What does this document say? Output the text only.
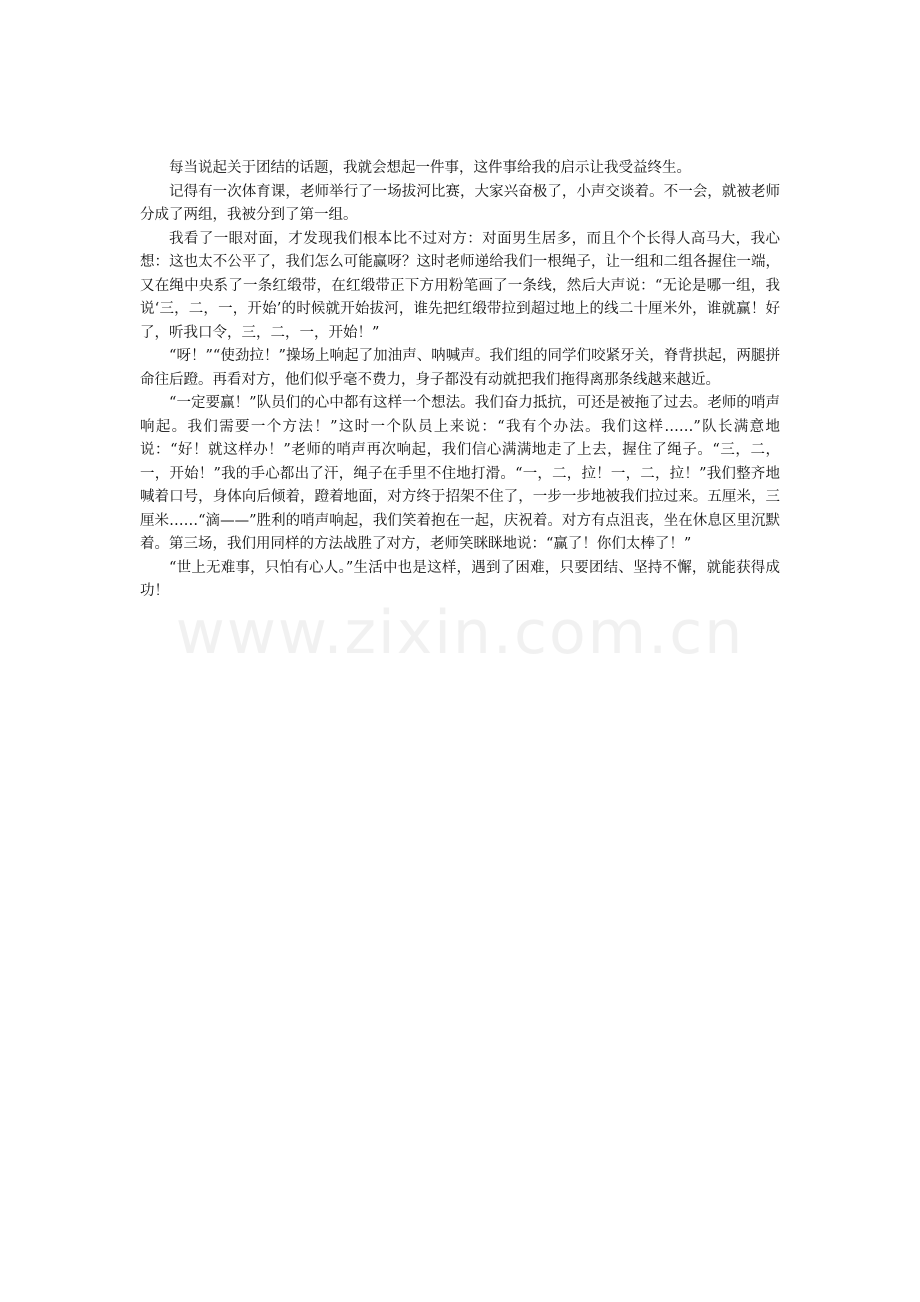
每当说起关于团结的话题，我就会想起一件事，这件事给我的启示让我受益终生。

记得有一次体育课，老师举行了一场拔河比赛，大家兴奋极了，小声交谈着。不一会，就被老师分成了两组，我被分到了第一组。

我看了一眼对面，才发现我们根本比不过对方：对面男生居多，而且个个长得人高马大，我心想：这也太不公平了，我们怎么可能赢呀？这时老师递给我们一根绳子，让一组和二组各握住一端，又在绳中央系了一条红缎带，在红缎带正下方用粉笔画了一条线，然后大声说：“无论是哪一组，我说‘三，二，一，开始’的时候就开始拔河，谁先把红缎带拉到超过地上的线二十厘米外，谁就赢！好了，听我口令，三，二，一，开始！”

“呀！”“使劲拉！”操场上响起了加油声、呐喊声。我们组的同学们咬紧牙关，脊背拱起，两腿拼命往后蹬。再看对方，他们似乎毫不费力，身子都没有动就把我们拖得离那条线越来越近。

“一定要赢！”队员们的心中都有这样一个想法。我们奋力抵抗，可还是被拖了过去。老师的哨声响起。我们需要一个方法！”这时一个队员上来说：“我有个办法。我们这样……”队长满意地说：“好！就这样办！”老师的哨声再次响起，我们信心满满地走了上去，握住了绳子。“三，二，一，开始！”我的手心都出了汗，绳子在手里不住地打滑。“一，二，拉！一，二，拉！”我们整齐地喊着口号，身体向后倾着，蹬着地面，对方终于招架不住了，一步一步地被我们拉过来。五厘米，三厘米……“滴——”胜利的哨声响起，我们笑着抱在一起，庆祝着。对方有点沮丧，坐在休息区里沉默着。第三场，我们用同样的方法战胜了对方，老师笑眯眯地说：“赢了！你们太棒了！”

“世上无难事，只怕有心人。”生活中也是这样，遇到了困难，只要团结、坚持不懈，就能获得成功！

www.zixin.com.cn
